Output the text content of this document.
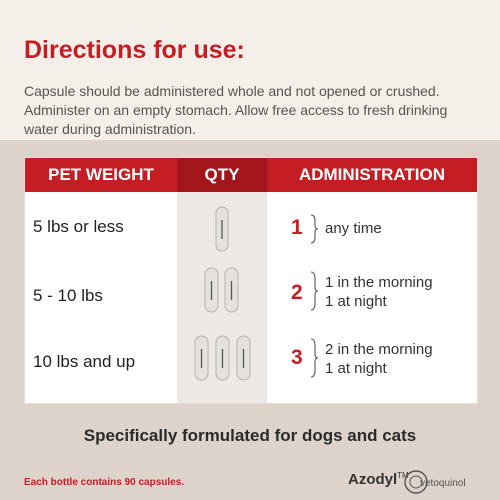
Directions for use:

Capsule should be administered whole and not opened or crushed. Administer on an empty stomach. Allow free access to fresh drinking water during administration.

PET WEIGHT	QTY	ADMINISTRATION
5 lbs or less	1 any time
5 - 10 lbs	2 1 in the morning
1 at night
10 lbs and up	3 2 in the morning
1 at night
Specifically formulated for dogs and cats
Each bottle contains 90 capsules.	Azodyl™
vetoquinol
